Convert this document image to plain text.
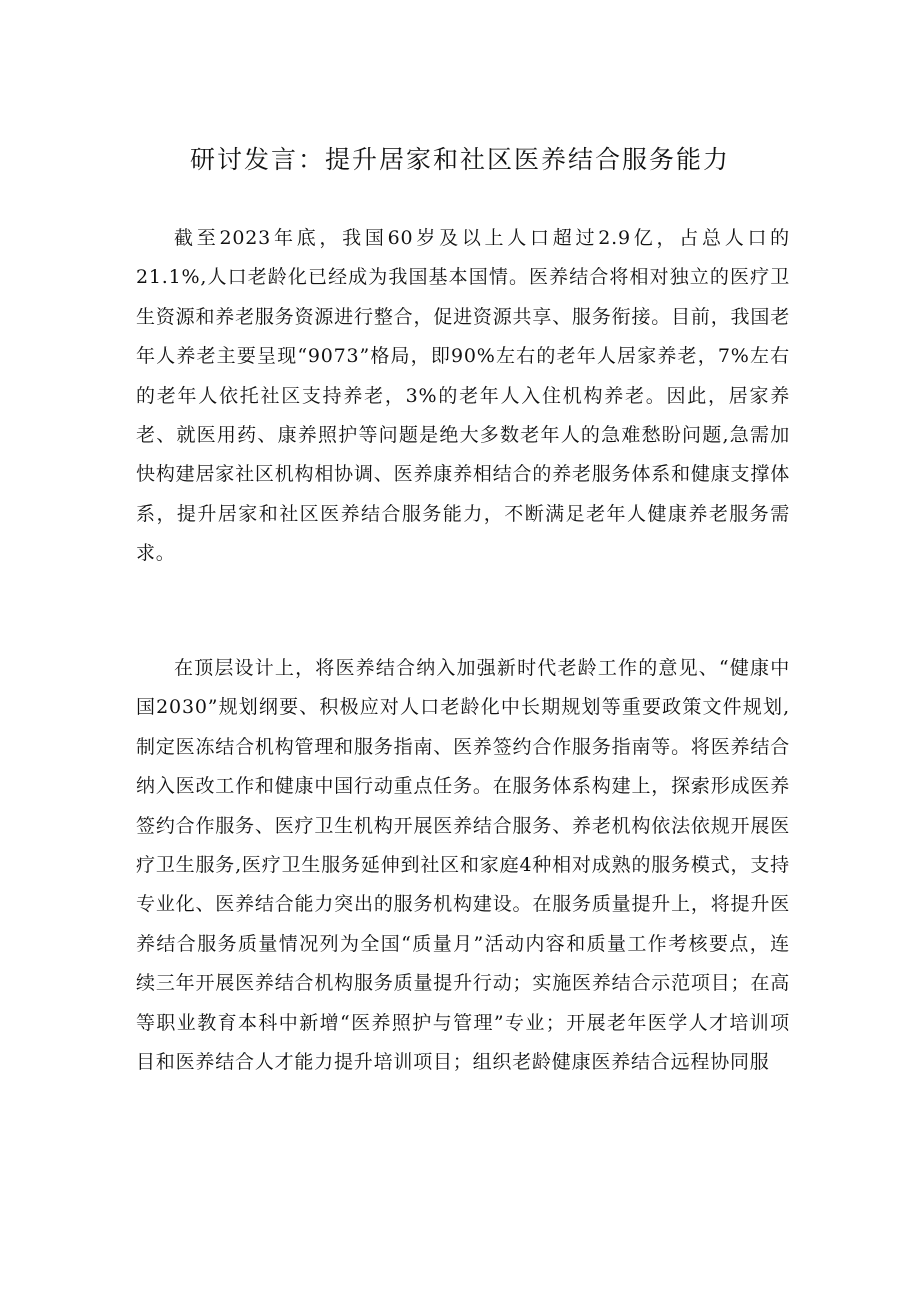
研讨发言：提升居家和社区医养结合服务能力

截至2023年底，我国60岁及以上人口超过2.9亿，占总人口的21.1%,人口老龄化已经成为我国基本国情。医养结合将相对独立的医疗卫生资源和养老服务资源进行整合，促进资源共享、服务衔接。目前，我国老年人养老主要呈现“9073”格局，即90%左右的老年人居家养老，7%左右的老年人依托社区支持养老，3%的老年人入住机构养老。因此，居家养老、就医用药、康养照护等问题是绝大多数老年人的急难愁盼问题,急需加快构建居家社区机构相协调、医养康养相结合的养老服务体系和健康支撑体系，提升居家和社区医养结合服务能力，不断满足老年人健康养老服务需求。

在顶层设计上，将医养结合纳入加强新时代老龄工作的意见、“健康中国2030”规划纲要、积极应对人口老龄化中长期规划等重要政策文件规划,制定医冻结合机构管理和服务指南、医养签约合作服务指南等。将医养结合纳入医改工作和健康中国行动重点任务。在服务体系构建上，探索形成医养签约合作服务、医疗卫生机构开展医养结合服务、养老机构依法依规开展医疗卫生服务,医疗卫生服务延伸到社区和家庭4种相对成熟的服务模式，支持专业化、医养结合能力突出的服务机构建设。在服务质量提升上，将提升医养结合服务质量情况列为全国“质量月”活动内容和质量工作考核要点，连续三年开展医养结合机构服务质量提升行动；实施医养结合示范项目；在高等职业教育本科中新增“医养照护与管理”专业；开展老年医学人才培训项目和医养结合人才能力提升培训项目；组织老龄健康医养结合远程协同服
